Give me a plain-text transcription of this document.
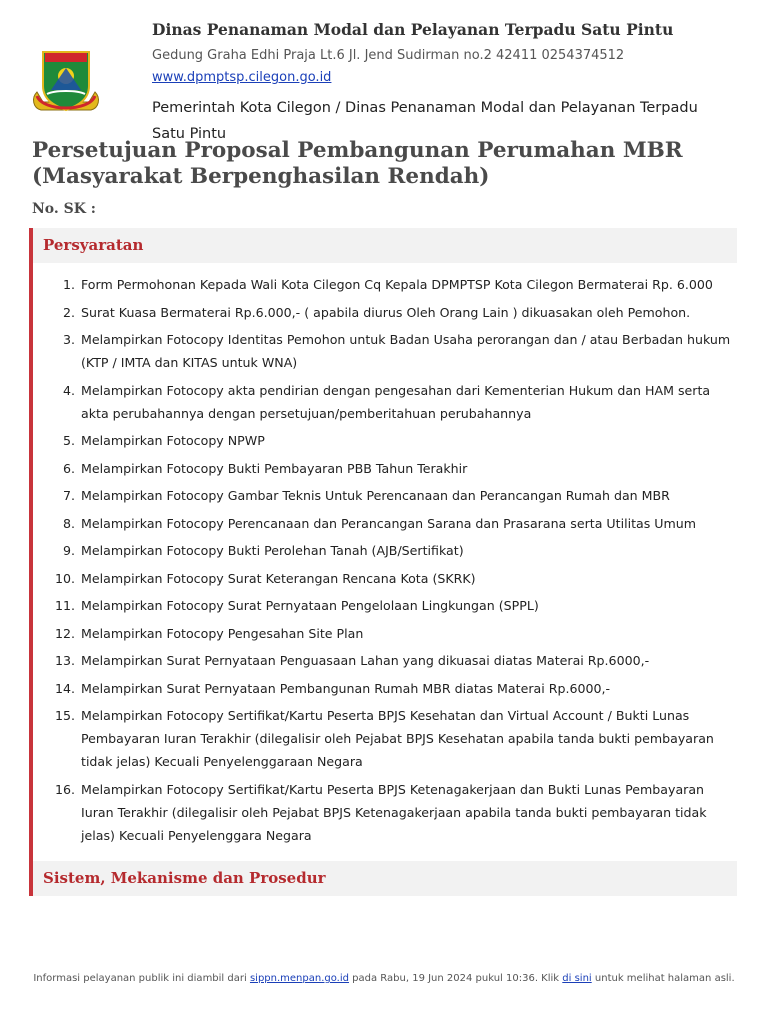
Dinas Penanaman Modal dan Pelayanan Terpadu Satu Pintu
Gedung Graha Edhi Praja Lt.6 Jl. Jend Sudirman no.2 42411 0254374512
www.dpmptsp.cilegon.go.id
Pemerintah Kota Cilegon / Dinas Penanaman Modal dan Pelayanan Terpadu Satu Pintu
Persetujuan Proposal Pembangunan Perumahan MBR (Masyarakat Berpenghasilan Rendah)
No. SK :
Persyaratan
1. Form Permohonan Kepada Wali Kota Cilegon Cq Kepala DPMPTSP Kota Cilegon Bermaterai Rp. 6.000
2. Surat Kuasa Bermaterai Rp.6.000,- ( apabila diurus Oleh Orang Lain ) dikuasakan oleh Pemohon.
3. Melampirkan Fotocopy Identitas Pemohon untuk Badan Usaha perorangan dan / atau Berbadan hukum (KTP / IMTA dan KITAS untuk WNA)
4. Melampirkan Fotocopy akta pendirian dengan pengesahan dari Kementerian Hukum dan HAM serta akta perubahannya dengan persetujuan/pemberitahuan perubahannya
5. Melampirkan Fotocopy NPWP
6. Melampirkan Fotocopy Bukti Pembayaran PBB Tahun Terakhir
7. Melampirkan Fotocopy Gambar Teknis Untuk Perencanaan dan Perancangan Rumah dan MBR
8. Melampirkan Fotocopy Perencanaan dan Perancangan Sarana dan Prasarana serta Utilitas Umum
9. Melampirkan Fotocopy Bukti Perolehan Tanah (AJB/Sertifikat)
10. Melampirkan Fotocopy Surat Keterangan Rencana Kota (SKRK)
11. Melampirkan Fotocopy Surat Pernyataan Pengelolaan Lingkungan (SPPL)
12. Melampirkan Fotocopy Pengesahan Site Plan
13. Melampirkan Surat Pernyataan Penguasaan Lahan yang dikuasai diatas Materai Rp.6000,-
14. Melampirkan Surat Pernyataan Pembangunan Rumah MBR diatas Materai Rp.6000,-
15. Melampirkan Fotocopy Sertifikat/Kartu Peserta BPJS Kesehatan dan Virtual Account / Bukti Lunas Pembayaran Iuran Terakhir (dilegalisir oleh Pejabat BPJS Kesehatan apabila tanda bukti pembayaran tidak jelas) Kecuali Penyelenggaraan Negara
16. Melampirkan Fotocopy Sertifikat/Kartu Peserta BPJS Ketenagakerjaan dan Bukti Lunas Pembayaran Iuran Terakhir (dilegalisir oleh Pejabat BPJS Ketenagakerjaan apabila tanda bukti pembayaran tidak jelas) Kecuali Penyelenggara Negara
Sistem, Mekanisme dan Prosedur
Informasi pelayanan publik ini diambil dari sippn.menpan.go.id pada Rabu, 19 Jun 2024 pukul 10:36. Klik di sini untuk melihat halaman asli.
